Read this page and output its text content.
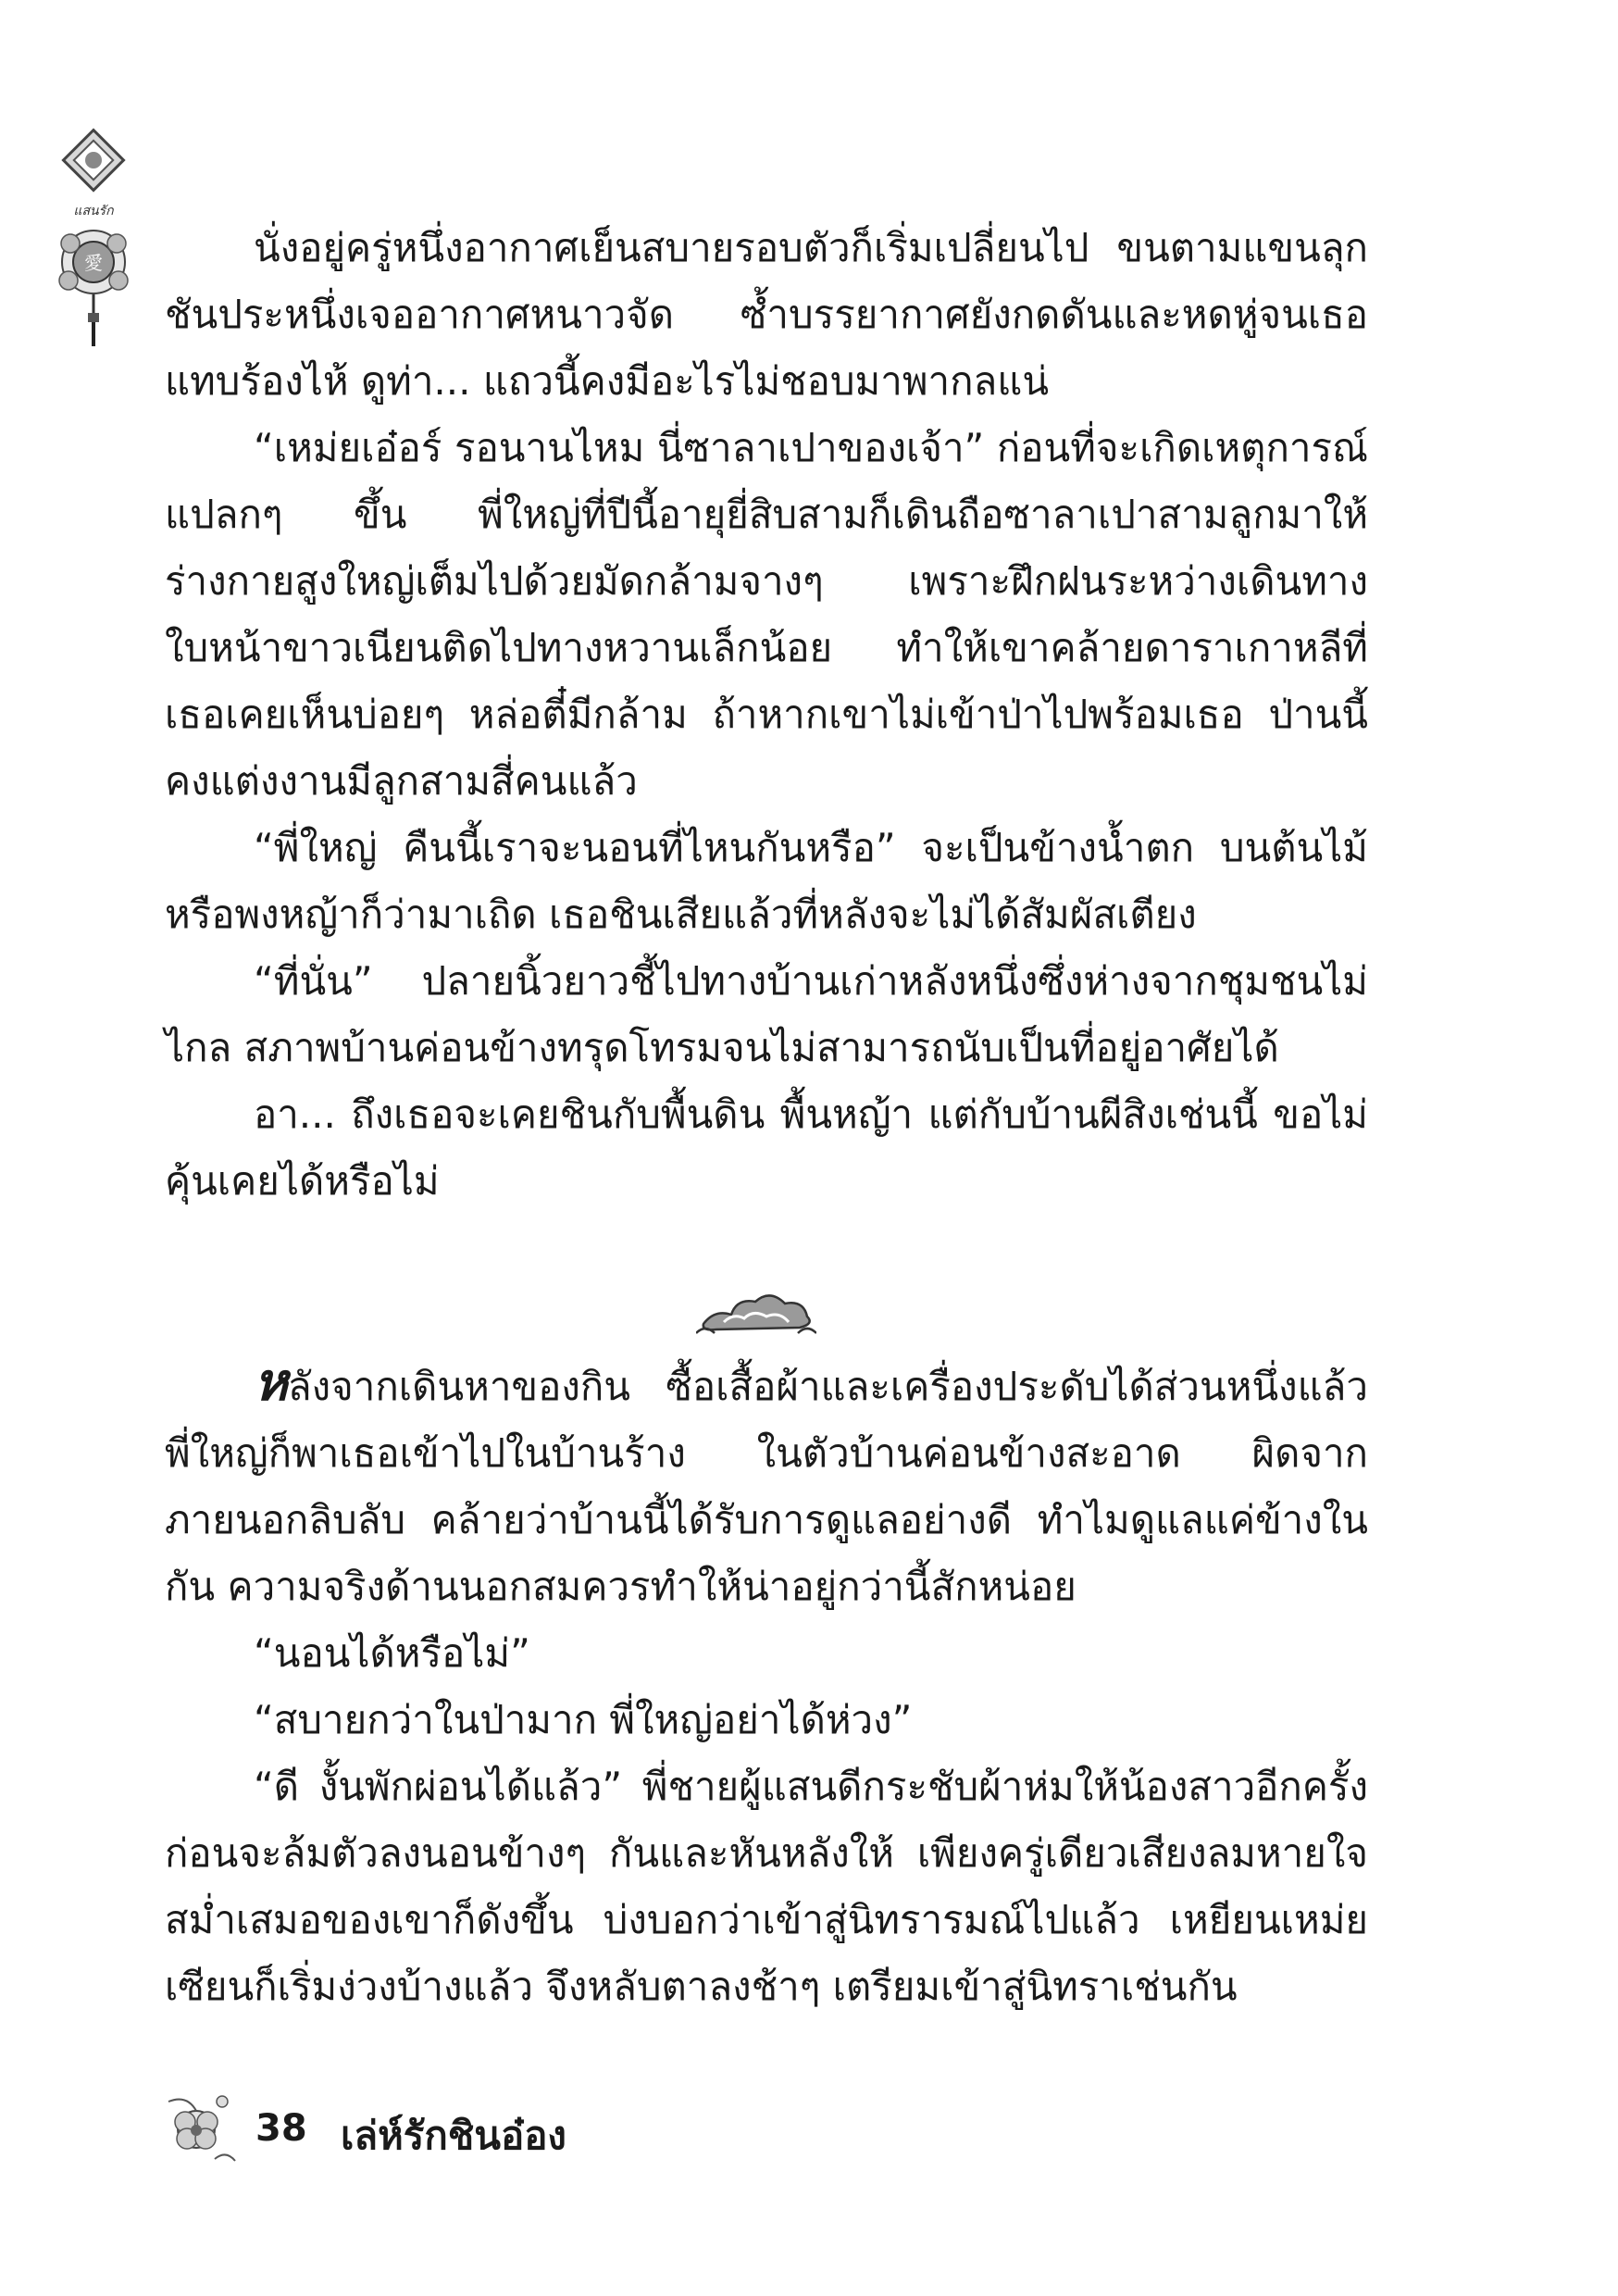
แสนรัก
愛	นั่งอยู่ครู่หนึ่งอากาศเย็นสบายรอบตัวก็เริ่มเปลี่ยนไป ขนตามแขนลุกชันประหนึ่งเจออากาศหนาวจัด ซ้ำบรรยากาศยังกดดันและหดหู่จนเธอแทบร้องไห้ ดูท่า... แถวนี้คงมีอะไรไม่ชอบมาพากลแน่

“เหม่ยเอ๋อร์ รอนานไหม นี่ซาลาเปาของเจ้า” ก่อนที่จะเกิดเหตุการณ์แปลกๆ ขึ้น พี่ใหญ่ที่ปีนี้อายุยี่สิบสามก็เดินถือซาลาเปาสามลูกมาให้ ร่างกายสูงใหญ่เต็มไปด้วยมัดกล้ามจางๆ เพราะฝึกฝนระหว่างเดินทาง ใบหน้าขาวเนียนติดไปทางหวานเล็กน้อย ทำให้เขาคล้ายดาราเกาหลีที่เธอเคยเห็นบ่อยๆ หล่อตี๋มีกล้าม ถ้าหากเขาไม่เข้าป่าไปพร้อมเธอ ป่านนี้คงแต่งงานมีลูกสามสี่คนแล้ว

“พี่ใหญ่ คืนนี้เราจะนอนที่ไหนกันหรือ” จะเป็นข้างน้ำตก บนต้นไม้ หรือพงหญ้าก็ว่ามาเถิด เธอชินเสียแล้วที่หลังจะไม่ได้สัมผัสเตียง

“ที่นั่น” ปลายนิ้วยาวชี้ไปทางบ้านเก่าหลังหนึ่งซึ่งห่างจากชุมชนไม่ไกล สภาพบ้านค่อนข้างทรุดโทรมจนไม่สามารถนับเป็นที่อยู่อาศัยได้

อา... ถึงเธอจะเคยชินกับพื้นดิน พื้นหญ้า แต่กับบ้านผีสิงเช่นนี้ ขอไม่คุ้นเคยได้หรือไม่

หลังจากเดินหาของกิน ซื้อเสื้อผ้าและเครื่องประดับได้ส่วนหนึ่งแล้ว พี่ใหญ่ก็พาเธอเข้าไปในบ้านร้าง ในตัวบ้านค่อนข้างสะอาด ผิดจากภายนอกลิบลับ คล้ายว่าบ้านนี้ได้รับการดูแลอย่างดี ทำไมดูแลแค่ข้างในกัน ความจริงด้านนอกสมควรทำให้น่าอยู่กว่านี้สักหน่อย

“นอนได้หรือไม่”

“สบายกว่าในป่ามาก พี่ใหญ่อย่าได้ห่วง”

“ดี งั้นพักผ่อนได้แล้ว” พี่ชายผู้แสนดีกระชับผ้าห่มให้น้องสาวอีกครั้งก่อนจะล้มตัวลงนอนข้างๆ กันและหันหลังให้ เพียงครู่เดียวเสียงลมหายใจสม่ำเสมอของเขาก็ดังขึ้น บ่งบอกว่าเข้าสู่นิทรารมณ์ไปแล้ว เหยียนเหม่ยเซียนก็เริ่มง่วงบ้างแล้ว จึงหลับตาลงช้าๆ เตรียมเข้าสู่นิทราเช่นกัน

38 เล่ห์รักชินอ๋อง
